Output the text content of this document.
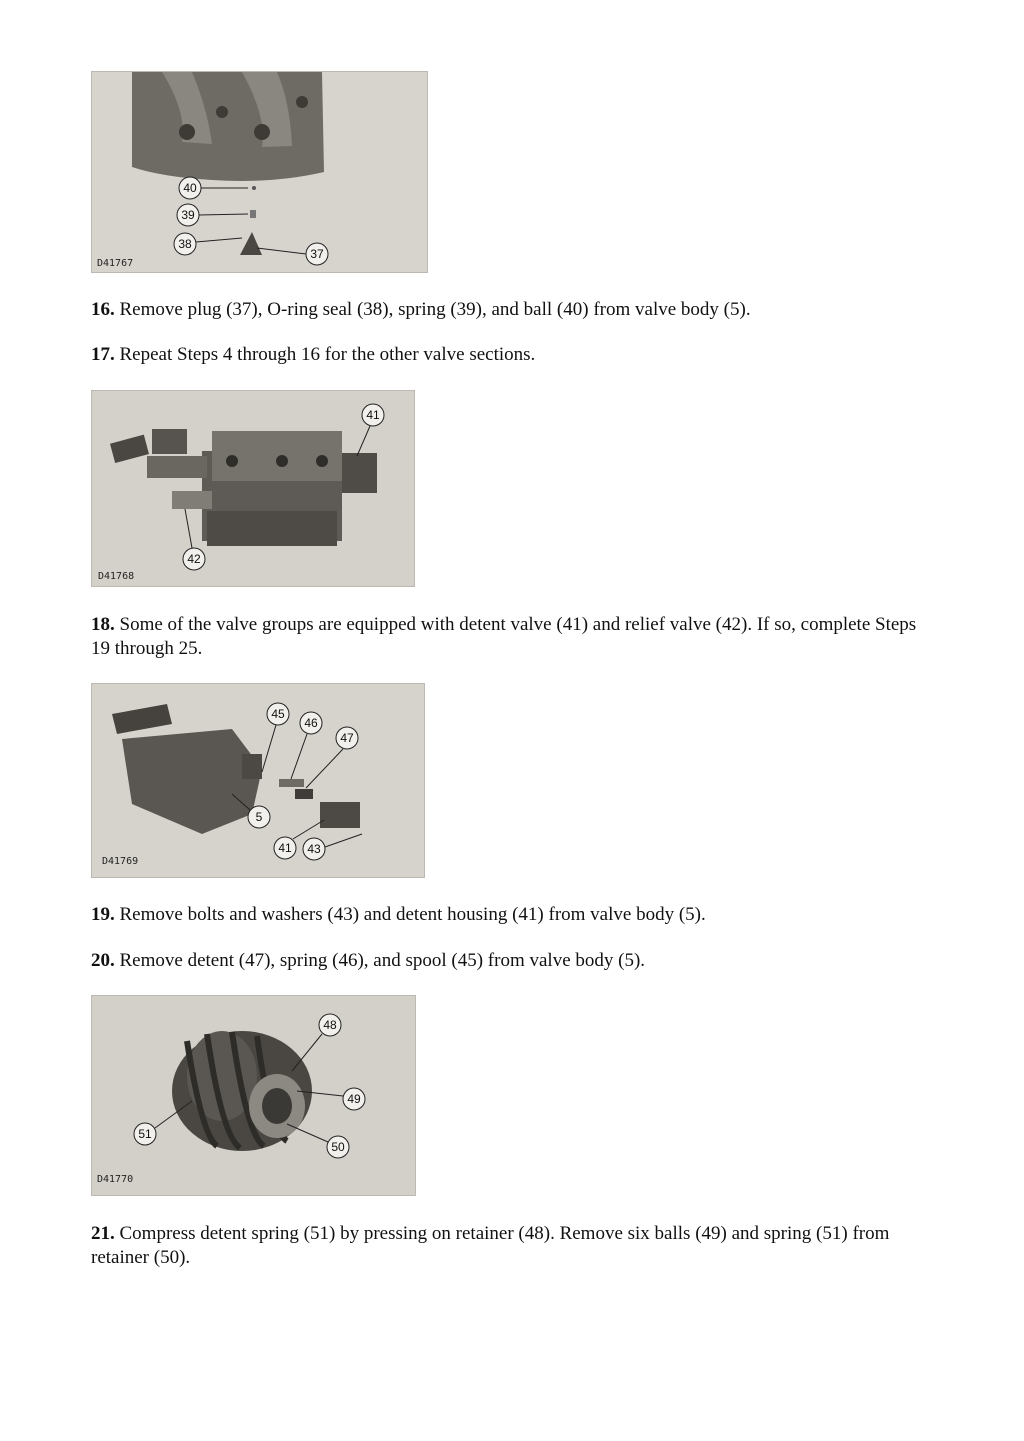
40
39
38
37
D41767

16. Remove plug (37), O-ring seal (38), spring (39), and ball (40) from valve body (5).

17. Repeat Steps 4 through 16 for the other valve sections.

41
42
D41768

18. Some of the valve groups are equipped with detent valve (41) and relief valve (42). If so, complete Steps 19 through 25.

45
46
47
5
41 43
D41769

19. Remove bolts and washers (43) and detent housing (41) from valve body (5).

20. Remove detent (47), spring (46), and spool (45) from valve body (5).

48
49
51
50
D41770

21. Compress detent spring (51) by pressing on retainer (48). Remove six balls (49) and spring (51) from retainer (50).
